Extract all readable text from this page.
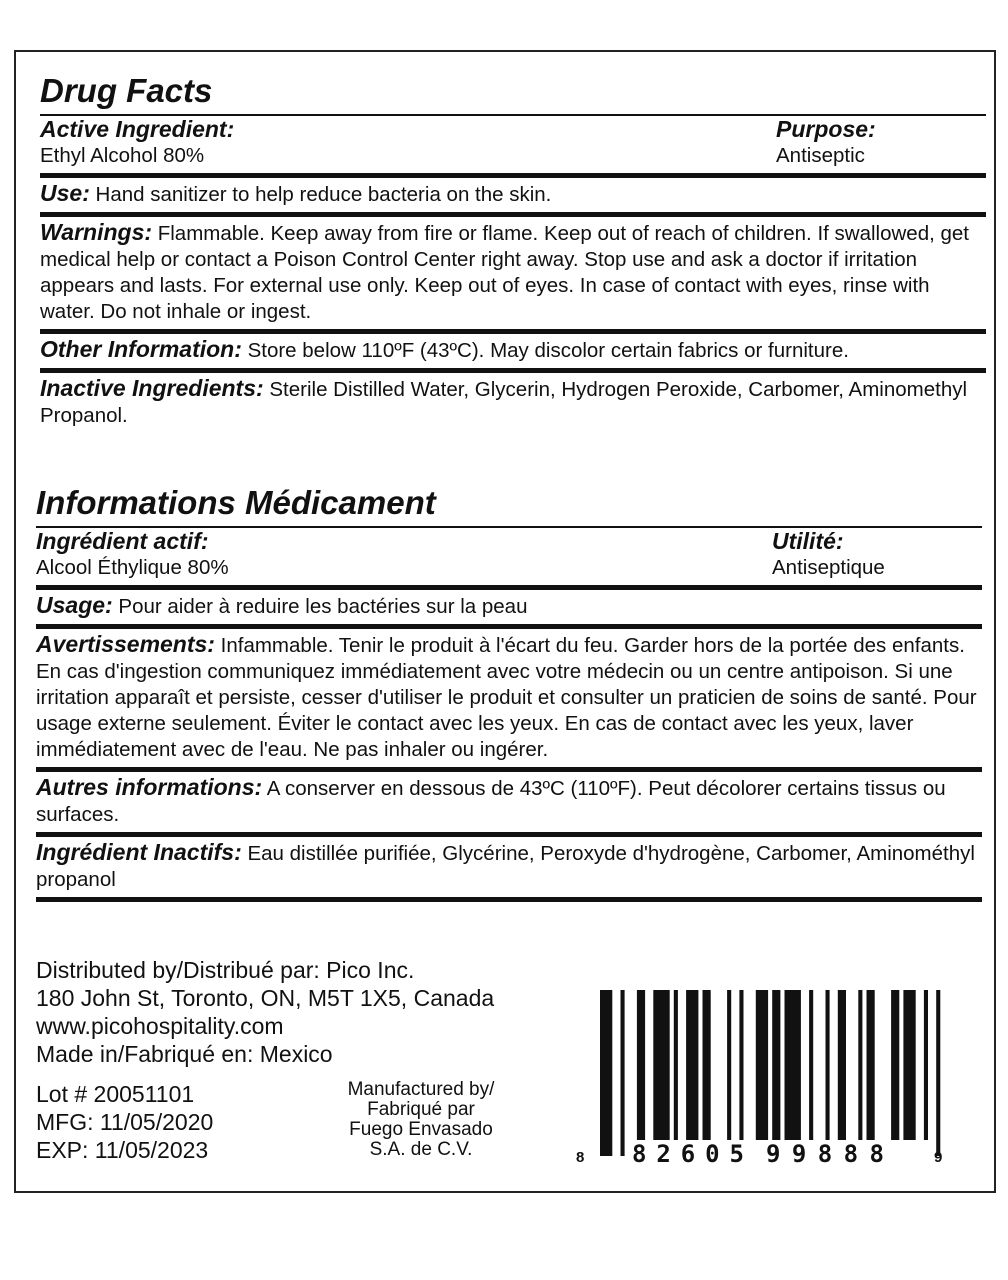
Drug Facts
Active Ingredient:
Ethyl Alcohol 80%
Purpose:
Antiseptic
Use: Hand sanitizer to help reduce bacteria on the skin.
Warnings: Flammable. Keep away from fire or flame. Keep out of reach of children. If swallowed, get medical help or contact a Poison Control Center right away. Stop use and ask a doctor if irritation appears and lasts. For external use only. Keep out of eyes. In case of contact with eyes, rinse with water. Do not inhale or ingest.
Other Information: Store below 110ºF (43ºC). May discolor certain fabrics or furniture.
Inactive Ingredients: Sterile Distilled Water, Glycerin, Hydrogen Peroxide, Carbomer, Aminomethyl Propanol.
Informations Médicament
Ingrédient actif:
Alcool Éthylique 80%
Utilité:
Antiseptique
Usage: Pour aider à reduire les bactéries sur la peau
Avertissements: Infammable. Tenir le produit à l'écart du feu. Garder hors de la portée des enfants. En cas d'ingestion communiquez immédiatement avec votre médecin ou un centre antipoison. Si une irritation apparaît et persiste, cesser d'utiliser le produit et consulter un praticien de soins de santé. Pour usage externe seulement. Éviter le contact avec les yeux. En cas de contact avec les yeux, laver immédiatement avec de l'eau. Ne pas inhaler ou ingérer.
Autres informations: A conserver en dessous de 43ºC (110ºF). Peut décolorer certains tissus ou surfaces.
Ingrédient Inactifs: Eau distillée purifiée, Glycérine, Peroxyde d'hydrogène, Carbomer, Aminométhyl propanol
Distributed by/Distribué par: Pico Inc.
180 John St, Toronto, ON, M5T 1X5, Canada
www.picohospitality.com
Made in/Fabriqué en: Mexico
Lot # 20051101
MFG: 11/05/2020
EXP: 11/05/2023
Manufactured by/
Fabriqué par
Fuego Envasado
S.A. de C.V.	8 82605 99888	9
